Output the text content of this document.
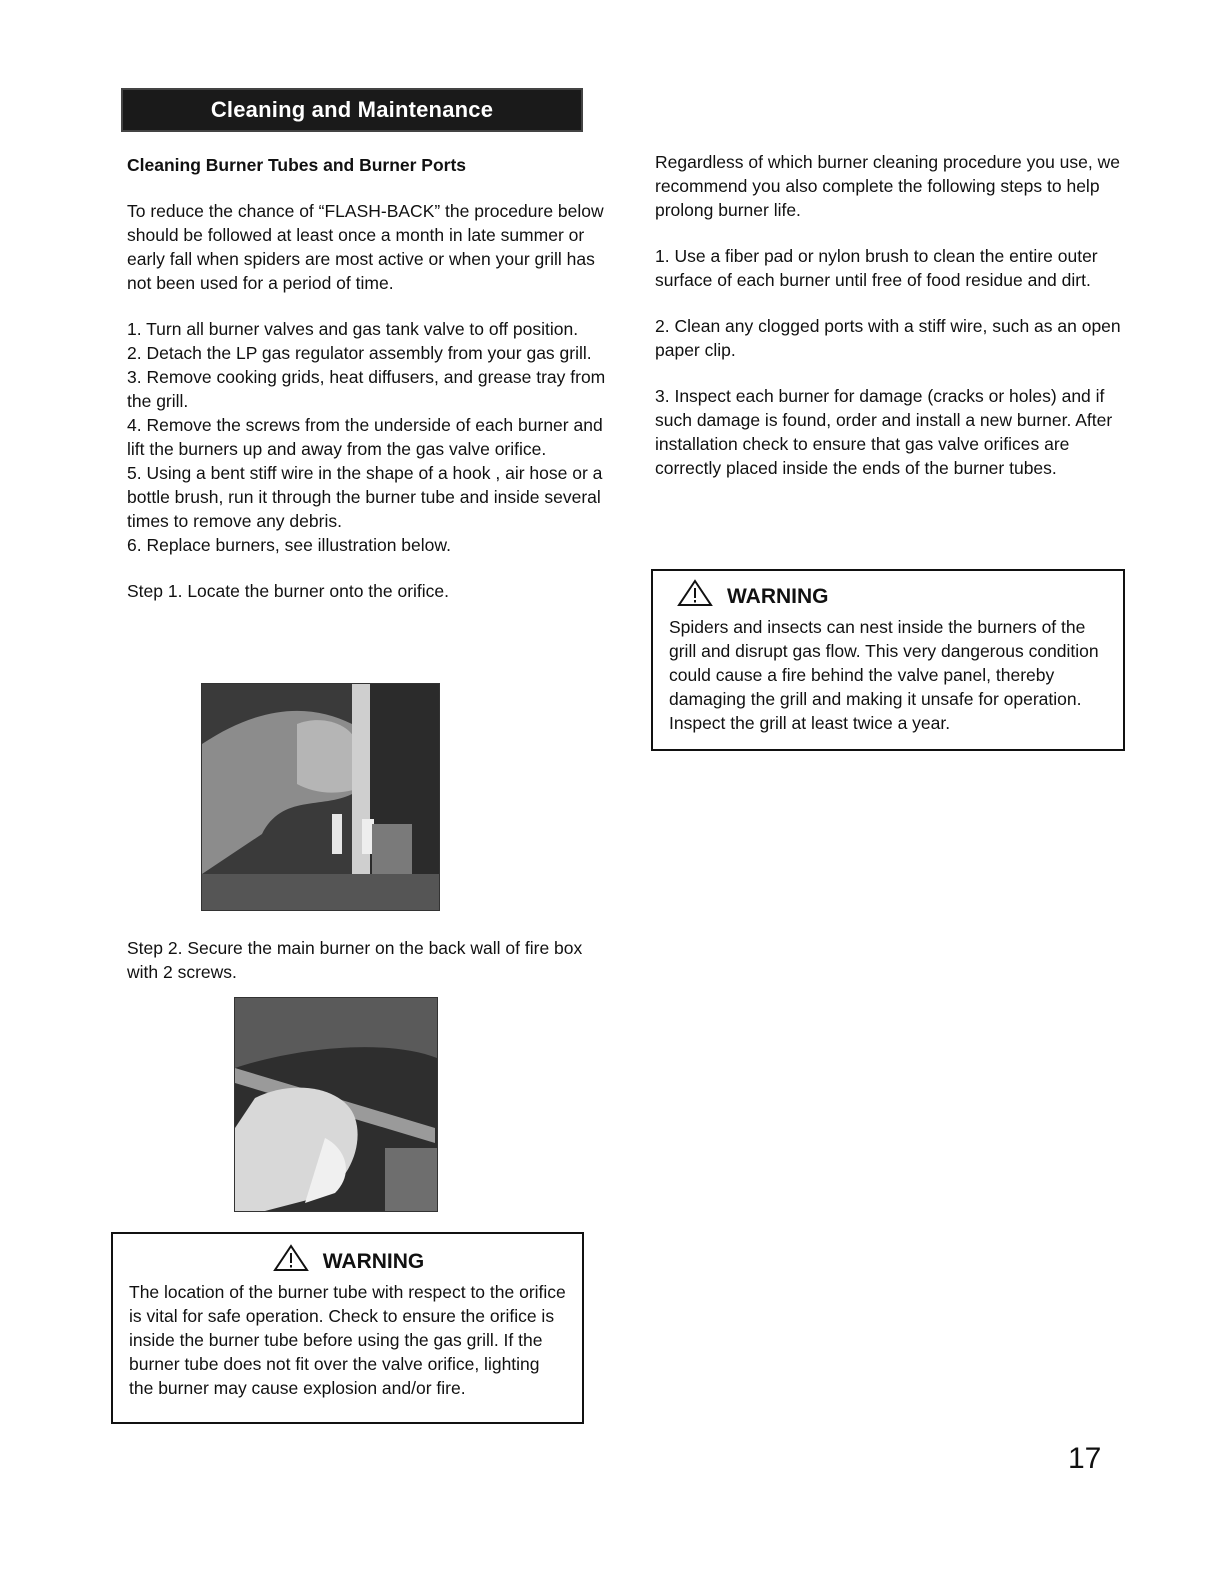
Cleaning and Maintenance

Cleaning Burner Tubes and Burner Ports

To reduce the chance of “FLASH-BACK” the procedure below should be followed at least once a month in late summer or early fall when spiders are most active or when your grill has not been used for a period of time.

1. Turn all burner valves and gas tank valve to off position.
2. Detach the LP gas regulator assembly from your gas grill.
3. Remove cooking grids, heat diffusers, and grease tray from the grill.
4. Remove the screws from the underside of each burner and lift the burners up and away from the gas valve orifice.
5. Using a bent stiff wire in the shape of a hook , air hose or a bottle brush, run it through the burner tube and inside several times to remove any debris.
6. Replace burners, see illustration below.

Step 1. Locate the burner onto the orifice.

Step 2. Secure the main burner on the back wall of fire box with 2 screws.

WARNING

The location of the burner tube with respect to the orifice is vital for safe operation. Check to ensure the orifice is inside the burner tube before using the gas grill. If the burner tube does not fit over the valve orifice, lighting the burner may cause explosion and/or fire.

Regardless of which burner cleaning procedure you use, we recommend you also complete the following steps to help prolong burner life.

1. Use a fiber pad or nylon brush to clean the entire outer surface of each burner until free of food residue and dirt.

2. Clean any clogged ports with a stiff wire, such as an open paper clip.

3. Inspect each burner for damage (cracks or holes) and if such damage is found, order and install a new burner. After installation check to ensure that gas valve orifices are correctly placed inside the ends of the burner tubes.

WARNING

Spiders and insects can nest inside the burners of the grill and disrupt gas flow. This very dangerous condition could cause a fire behind the valve panel, thereby damaging the grill and making it unsafe for operation. Inspect the grill at least twice a year.

17
